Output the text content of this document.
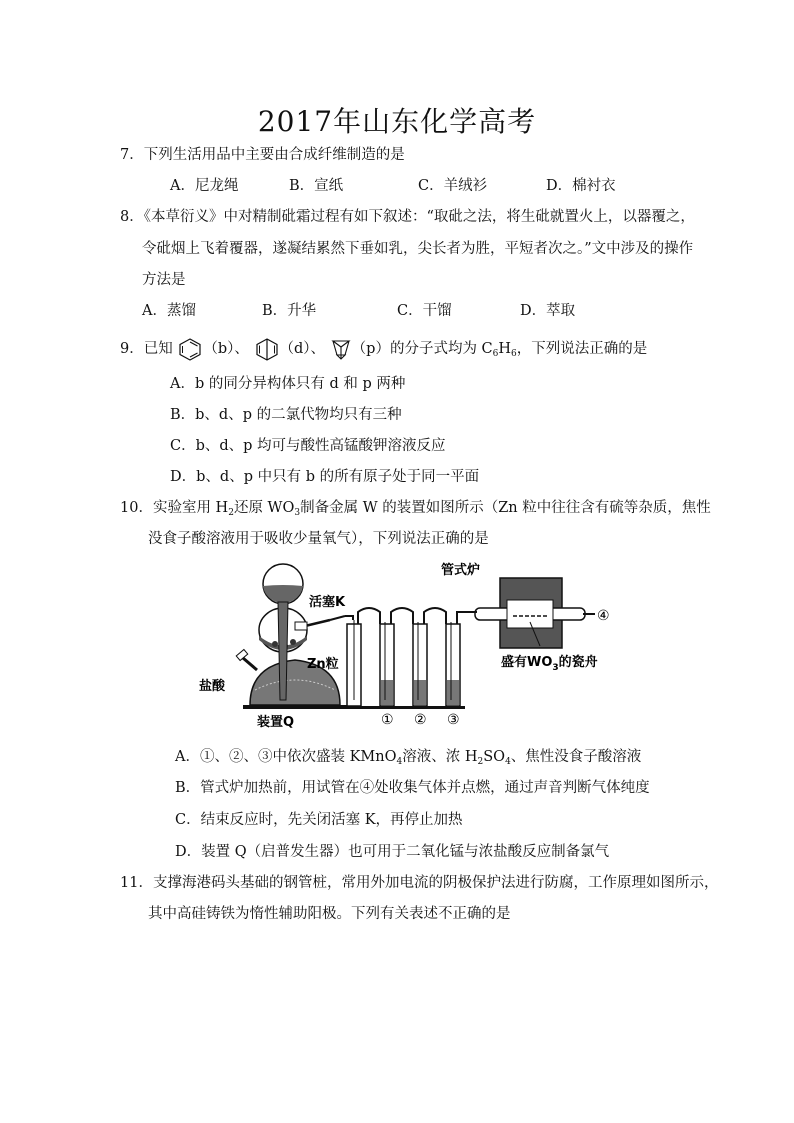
2017年山东化学高考
7．下列生活用品中主要由合成纤维制造的是
A．尼龙绳	B．宣纸	C．羊绒衫	D．棉衬衣
8．《本草衍义》中对精制砒霜过程有如下叙述：“取砒之法，将生砒就置火上，以器覆之，
令砒烟上飞着覆器，遂凝结累然下垂如乳，尖长者为胜，平短者次之。”文中涉及的操作
方法是
A．蒸馏	B．升华	C．干馏	D．萃取
9．已知 （b）、 （d）、 （p）的分子式均为 $C_6H_6$，下列说法正确的是
A．b 的同分异构体只有 d 和 p 两种
B．b、d、p 的二氯代物均只有三种
C．b、d、p 均可与酸性高锰酸钾溶液反应
D．b、d、p 中只有 b 的所有原子处于同一平面
10．实验室用 $H_2$还原 $WO_3$制备金属 W 的装置如图所示（Zn 粒中往往含有硫等杂质，焦性
没食子酸溶液用于吸收少量氧气），下列说法正确的是
管式炉
活塞K
Zn粒
盐酸
装置Q
盛有$WO_3$的瓷舟
① ② ③
④
A．①、②、③中依次盛装 KMnO$_4$溶液、浓 $H_2SO_4$、焦性没食子酸溶液
B．管式炉加热前，用试管在④处收集气体并点燃，通过声音判断气体纯度
C．结束反应时，先关闭活塞 K，再停止加热
D．装置 Q（启普发生器）也可用于二氧化锰与浓盐酸反应制备氯气
11．支撑海港码头基础的钢管桩，常用外加电流的阴极保护法进行防腐，工作原理如图所示，
其中高硅铸铁为惰性辅助阳极。下列有关表述不正确的是
